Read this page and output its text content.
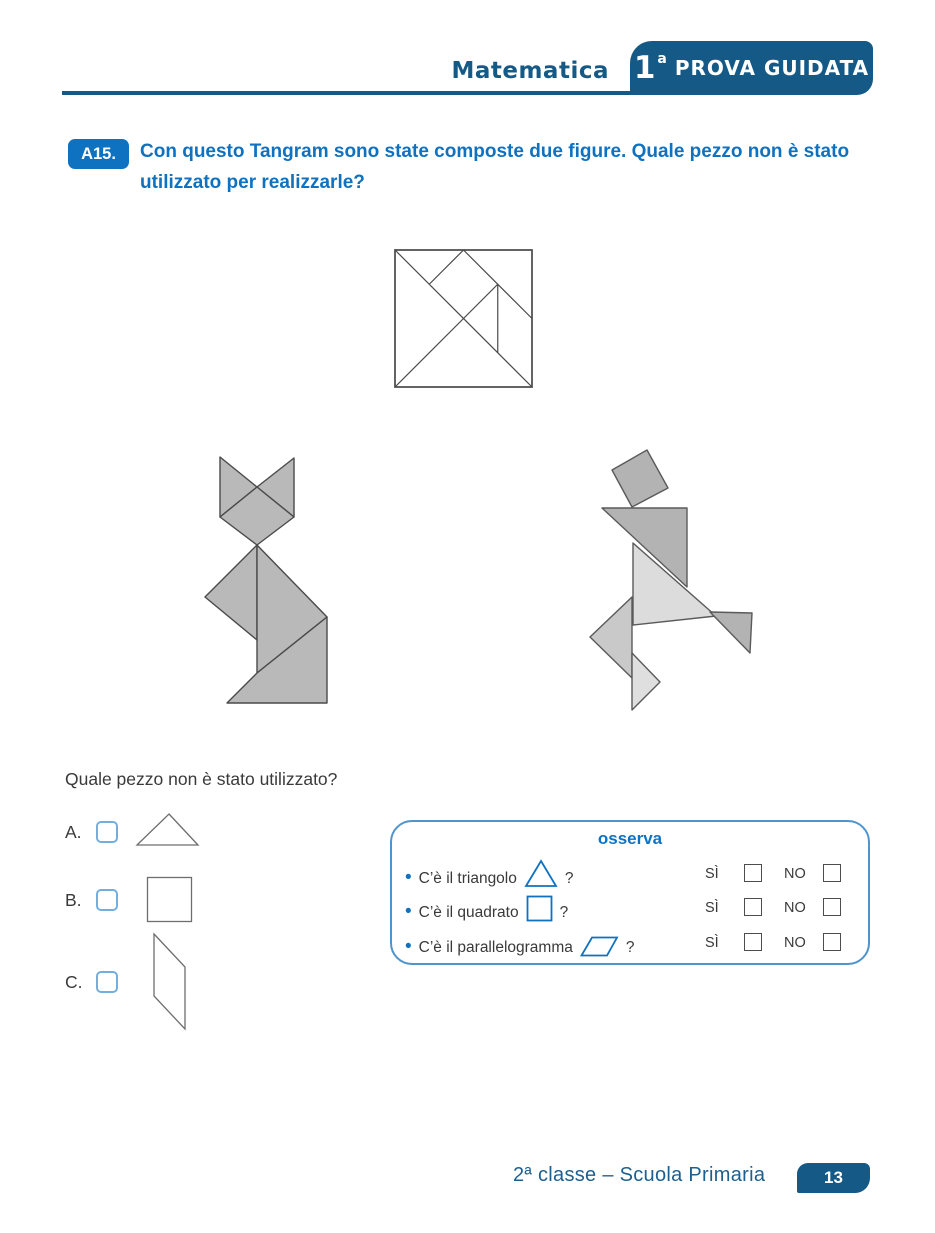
Matematica 1$^a$ PROVA GUIDATA
A15.	Con questo Tangram sono state composte due figure. Quale pezzo non è stato utilizzato per realizzarle?

Quale pezzo non è stato utilizzato?

A.
B.
C.
osserva
• C’è il triangolo	?	SÌ	NO
• C’è il quadrato	?	SÌ	NO
• C’è il parallelogramma	?	SÌ	NO
2ª classe – Scuola Primaria	13
